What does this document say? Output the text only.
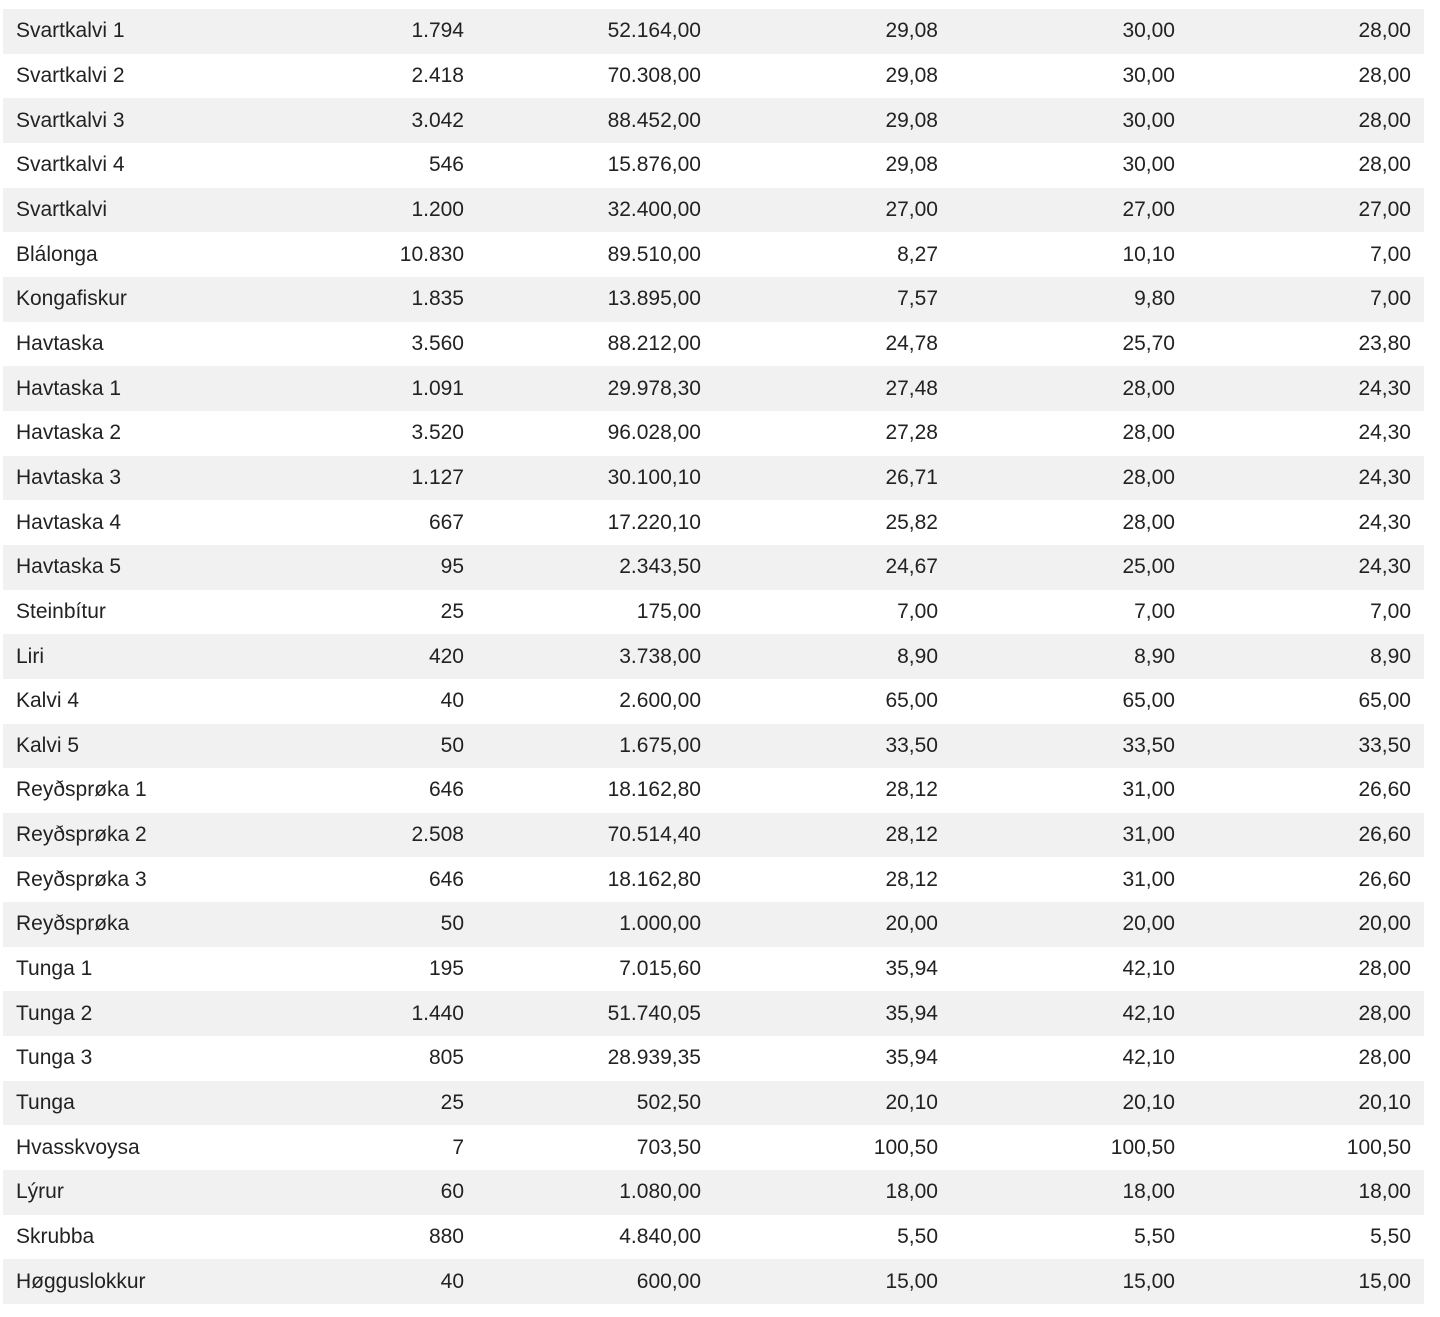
Svartkalvi 1	1.794	52.164,00	29,08	30,00	28,00
Svartkalvi 2	2.418	70.308,00	29,08	30,00	28,00
Svartkalvi 3	3.042	88.452,00	29,08	30,00	28,00
Svartkalvi 4	546	15.876,00	29,08	30,00	28,00
Svartkalvi	1.200	32.400,00	27,00	27,00	27,00
Blálonga	10.830	89.510,00	8,27	10,10	7,00
Kongafiskur	1.835	13.895,00	7,57	9,80	7,00
Havtaska	3.560	88.212,00	24,78	25,70	23,80
Havtaska 1	1.091	29.978,30	27,48	28,00	24,30
Havtaska 2	3.520	96.028,00	27,28	28,00	24,30
Havtaska 3	1.127	30.100,10	26,71	28,00	24,30
Havtaska 4	667	17.220,10	25,82	28,00	24,30
Havtaska 5	95	2.343,50	24,67	25,00	24,30
Steinbítur	25	175,00	7,00	7,00	7,00
Liri	420	3.738,00	8,90	8,90	8,90
Kalvi 4	40	2.600,00	65,00	65,00	65,00
Kalvi 5	50	1.675,00	33,50	33,50	33,50
Reyðsprøka 1	646	18.162,80	28,12	31,00	26,60
Reyðsprøka 2	2.508	70.514,40	28,12	31,00	26,60
Reyðsprøka 3	646	18.162,80	28,12	31,00	26,60
Reyðsprøka	50	1.000,00	20,00	20,00	20,00
Tunga 1	195	7.015,60	35,94	42,10	28,00
Tunga 2	1.440	51.740,05	35,94	42,10	28,00
Tunga 3	805	28.939,35	35,94	42,10	28,00
Tunga	25	502,50	20,10	20,10	20,10
Hvasskvoysa	7	703,50	100,50	100,50	100,50
Lýrur	60	1.080,00	18,00	18,00	18,00
Skrubba	880	4.840,00	5,50	5,50	5,50
Høgguslokkur	40	600,00	15,00	15,00	15,00
